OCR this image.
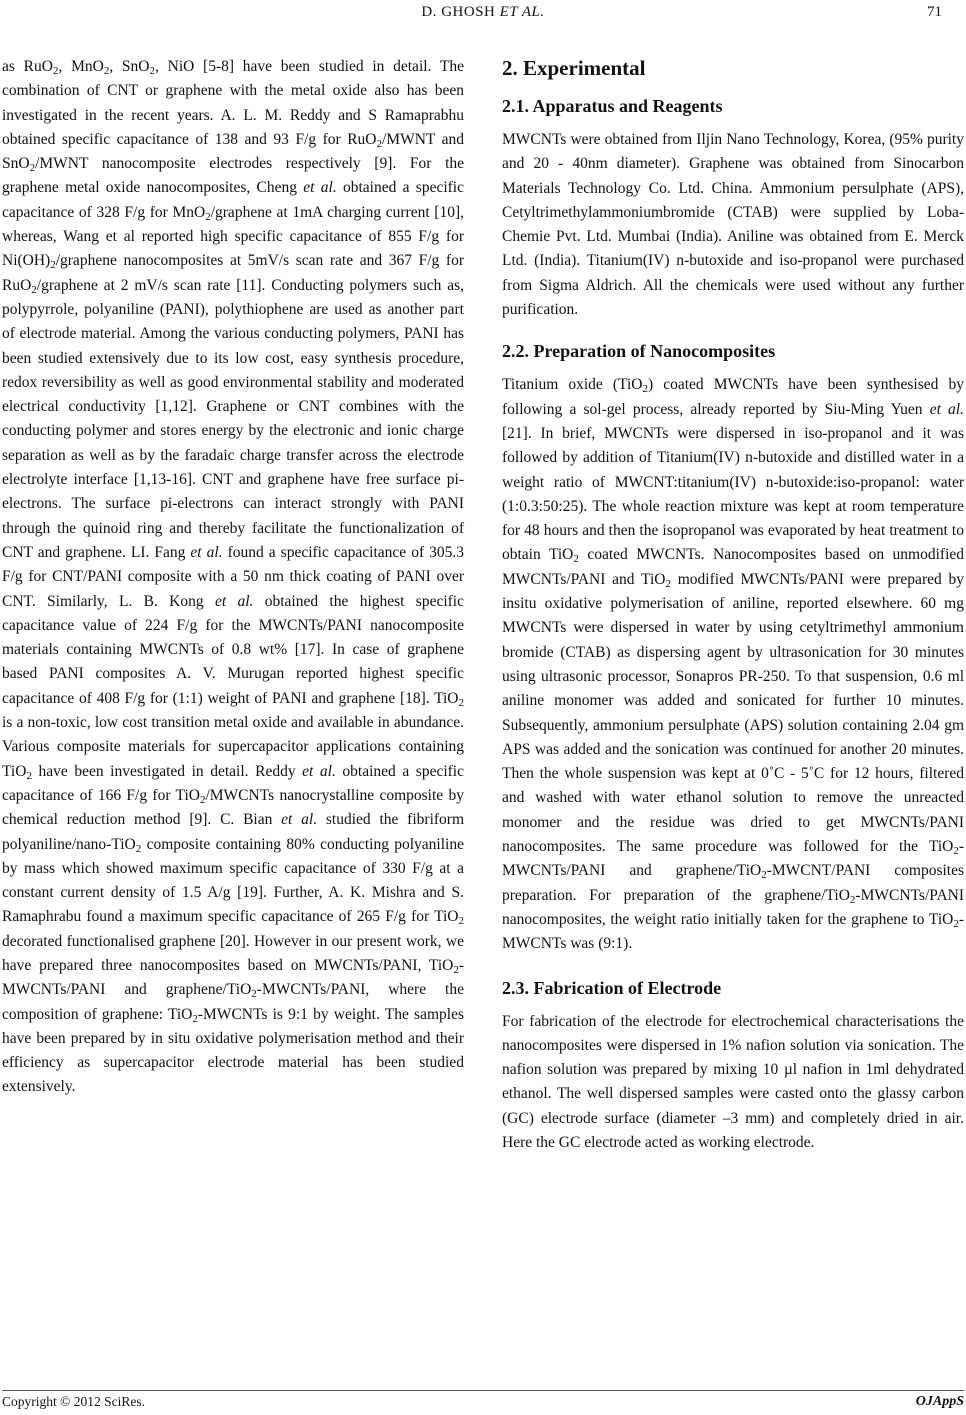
D. GHOSH ET AL.	71

as RuO$_2$, MnO$_2$, SnO$_2$, NiO [5-8] have been studied in detail. The combination of CNT or graphene with the metal oxide also has been investigated in the recent years. A. L. M. Reddy and S Ramaprabhu obtained specific capacitance of 138 and 93 F/g for RuO$_2$/MWNT and SnO$_2$/MWNT nanocomposite electrodes respectively [9]. For the graphene metal oxide nanocomposites, Cheng et al. obtained a specific capacitance of 328 F/g for MnO$_2$/graphene at 1mA charging current [10], whereas, Wang et al reported high specific capacitance of 855 F/g for $Ni(OH)_2$/graphene nanocomposites at 5mV/s scan rate and 367 F/g for RuO$_2$/graphene at 2 mV/s scan rate [11]. Conducting polymers such as, polypyrrole, polyaniline (PANI), polythiophene are used as another part of electrode material. Among the various conducting polymers, PANI has been studied extensively due to its low cost, easy synthesis procedure, redox reversibility as well as good environmental stability and moderated electrical conductivity [1,12]. Graphene or CNT combines with the conducting polymer and stores energy by the electronic and ionic charge separation as well as by the faradaic charge transfer across the electrode electrolyte interface [1,13-16]. CNT and graphene have free surface pi-electrons. The surface pi-electrons can interact strongly with PANI through the quinoid ring and thereby facilitate the functionalization of CNT and graphene. LI. Fang et al. found a specific capacitance of 305.3 F/g for CNT/PANI composite with a 50 nm thick coating of PANI over CNT. Similarly, L. B. Kong et al. obtained the highest specific capacitance value of 224 F/g for the MWCNTs/PANI nanocomposite materials containing MWCNTs of 0.8 wt% [17]. In case of graphene based PANI composites A. V. Murugan reported highest specific capacitance of 408 F/g for (1:1) weight of PANI and graphene [18]. TiO$_2$ is a non-toxic, low cost transition metal oxide and available in abundance. Various composite materials for supercapacitor applications containing TiO$_2$ have been investigated in detail. Reddy et al. obtained a specific capacitance of 166 F/g for TiO$_2$/MWCNTs nanocrystalline composite by chemical reduction method [9]. C. Bian et al. studied the fibriform polyaniline/nano-TiO$_2$ composite containing 80% conducting polyaniline by mass which showed maximum specific capacitance of 330 F/g at a constant current density of 1.5 A/g [19]. Further, A. K. Mishra and S. Ramaphrabu found a maximum specific capacitance of 265 F/g for TiO$_2$ decorated functionalised graphene [20]. However in our present work, we have prepared three nanocomposites based on MWCNTs/PANI, TiO$_2$-MWCNTs/PANI and graphene/TiO$_2$-MWCNTs/PANI, where the composition of graphene: TiO$_2$-MWCNTs is 9:1 by weight. The samples have been prepared by in situ oxidative polymerisation method and their efficiency as supercapacitor electrode material has been studied extensively.

2. Experimental
2.1. Apparatus and Reagents

MWCNTs were obtained from Iljin Nano Technology, Korea, (95% purity and 20 - 40nm diameter). Graphene was obtained from Sinocarbon Materials Technology Co. Ltd. China. Ammonium persulphate (APS), Cetyltrimethylammoniumbromide (CTAB) were supplied by Loba-Chemie Pvt. Ltd. Mumbai (India). Aniline was obtained from E. Merck Ltd. (India). Titanium(IV) n-butoxide and iso-propanol were purchased from Sigma Aldrich. All the chemicals were used without any further purification.

2.2. Preparation of Nanocomposites

Titanium oxide (TiO$_2$) coated MWCNTs have been synthesised by following a sol-gel process, already reported by Siu-Ming Yuen et al. [21]. In brief, MWCNTs were dispersed in iso-propanol and it was followed by addition of Titanium(IV) n-butoxide and distilled water in a weight ratio of MWCNT:titanium(IV) n-butoxide:iso-propanol: water (1:0.3:50:25). The whole reaction mixture was kept at room temperature for 48 hours and then the isopropanol was evaporated by heat treatment to obtain TiO$_2$ coated MWCNTs. Nanocomposites based on unmodified MWCNTs/PANI and TiO$_2$ modified MWCNTs/PANI were prepared by insitu oxidative polymerisation of aniline, reported elsewhere. 60 mg MWCNTs were dispersed in water by using cetyltrimethyl ammonium bromide (CTAB) as dispersing agent by ultrasonication for 30 minutes using ultrasonic processor, Sonapros PR-250. To that suspension, 0.6 ml aniline monomer was added and sonicated for further 10 minutes. Subsequently, ammonium persulphate (APS) solution containing 2.04 gm APS was added and the sonication was continued for another 20 minutes. Then the whole suspension was kept at 0˚C - 5˚C for 12 hours, filtered and washed with water ethanol solution to remove the unreacted monomer and the residue was dried to get MWCNTs/PANI nanocomposites. The same procedure was followed for the TiO$_2$-MWCNTs/PANI and graphene/TiO$_2$-MWCNT/PANI composites preparation. For preparation of the graphene/TiO$_2$-MWCNTs/PANI nanocomposites, the weight ratio initially taken for the graphene to TiO$_2$-MWCNTs was (9:1).

2.3. Fabrication of Electrode

For fabrication of the electrode for electrochemical characterisations the nanocomposites were dispersed in 1% nafion solution via sonication. The nafion solution was prepared by mixing 10 µl nafion in 1ml dehydrated ethanol. The well dispersed samples were casted onto the glassy carbon (GC) electrode surface (diameter –3 mm) and completely dried in air. Here the GC electrode acted as working electrode.

Copyright © 2012 SciRes.	OJAppS
